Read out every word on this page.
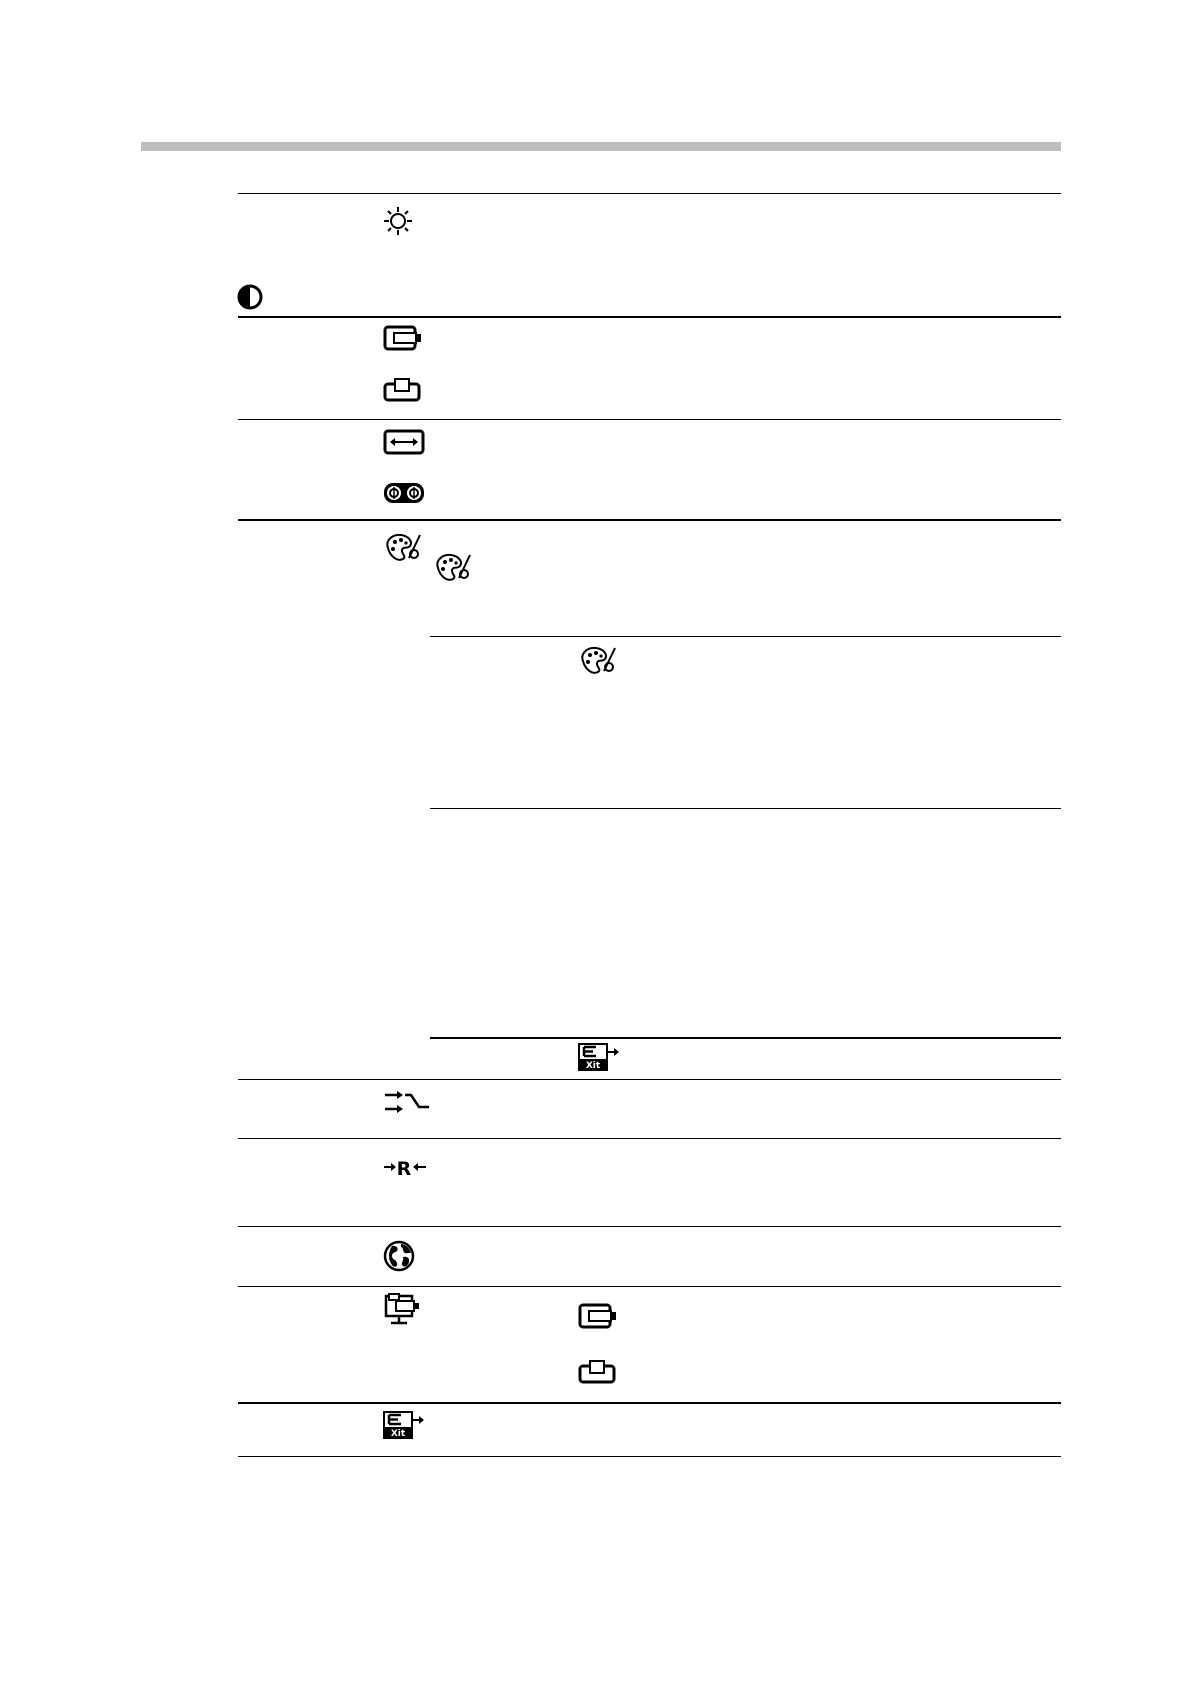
Xit
R
Xit
